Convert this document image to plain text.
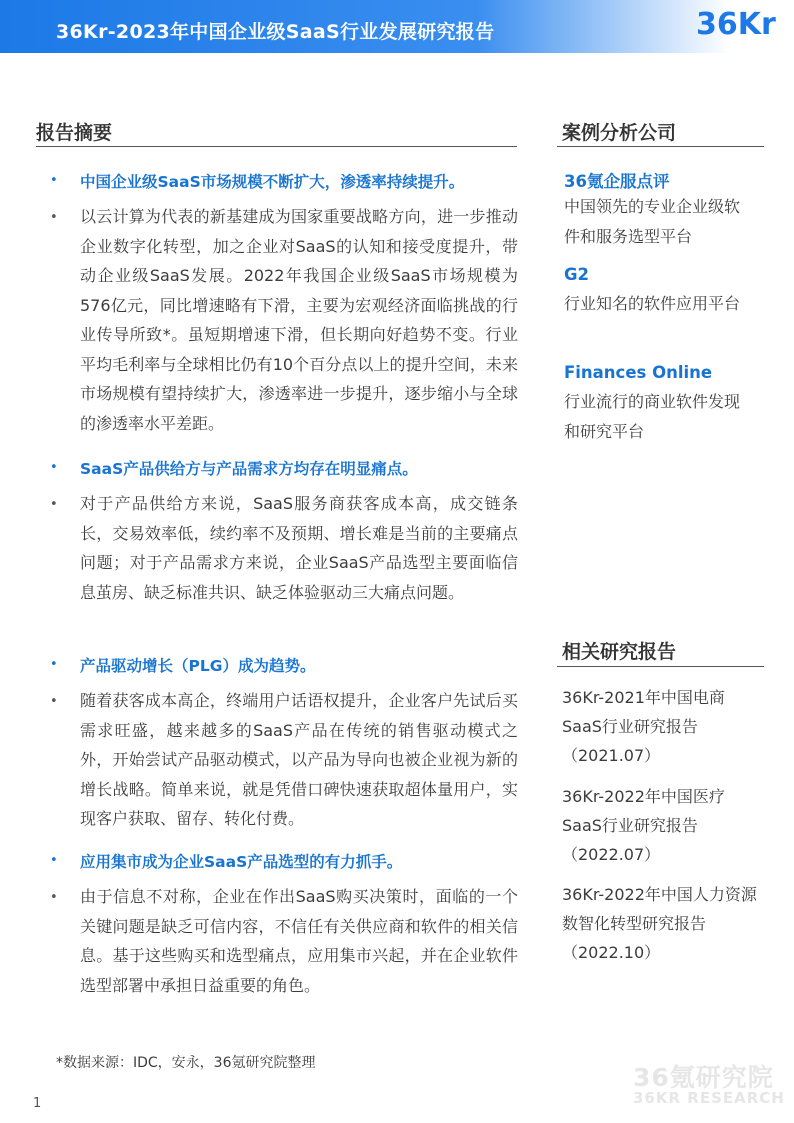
36Kr-2023年中国企业级SaaS行业发展研究报告	36Kr
报告摘要
• 中国企业级SaaS市场规模不断扩大，渗透率持续提升。
• 以云计算为代表的新基建成为国家重要战略方向，进一步推动企业数字化转型，加之企业对SaaS的认知和接受度提升，带动企业级SaaS发展。2022年我国企业级SaaS市场规模为576亿元，同比增速略有下滑，主要为宏观经济面临挑战的行业传导所致*。虽短期增速下滑，但长期向好趋势不变。行业平均毛利率与全球相比仍有10个百分点以上的提升空间，未来市场规模有望持续扩大，渗透率进一步提升，逐步缩小与全球的渗透率水平差距。
• SaaS产品供给方与产品需求方均存在明显痛点。
• 对于产品供给方来说，SaaS服务商获客成本高，成交链条长，交易效率低，续约率不及预期、增长难是当前的主要痛点问题；对于产品需求方来说，企业SaaS产品选型主要面临信息茧房、缺乏标准共识、缺乏体验驱动三大痛点问题。
• 产品驱动增长（PLG）成为趋势。
• 随着获客成本高企，终端用户话语权提升，企业客户先试后买需求旺盛，越来越多的SaaS产品在传统的销售驱动模式之外，开始尝试产品驱动模式，以产品为导向也被企业视为新的增长战略。简单来说，就是凭借口碑快速获取超体量用户，实现客户获取、留存、转化付费。
• 应用集市成为企业SaaS产品选型的有力抓手。
• 由于信息不对称，企业在作出SaaS购买决策时，面临的一个关键问题是缺乏可信内容，不信任有关供应商和软件的相关信息。基于这些购买和选型痛点，应用集市兴起，并在企业软件选型部署中承担日益重要的角色。
案例分析公司
36氪企服点评
中国领先的专业企业级软件和服务选型平台
G2
行业知名的软件应用平台
Finances Online
行业流行的商业软件发现和研究平台
相关研究报告
36Kr-2021年中国电商SaaS行业研究报告（2021.07）
36Kr-2022年中国医疗SaaS行业研究报告（2022.07）
36Kr-2022年中国人力资源数智化转型研究报告（2022.10）
*数据来源：IDC，安永，36氪研究院整理
1
36氪研究院
36KR RESEARCH
